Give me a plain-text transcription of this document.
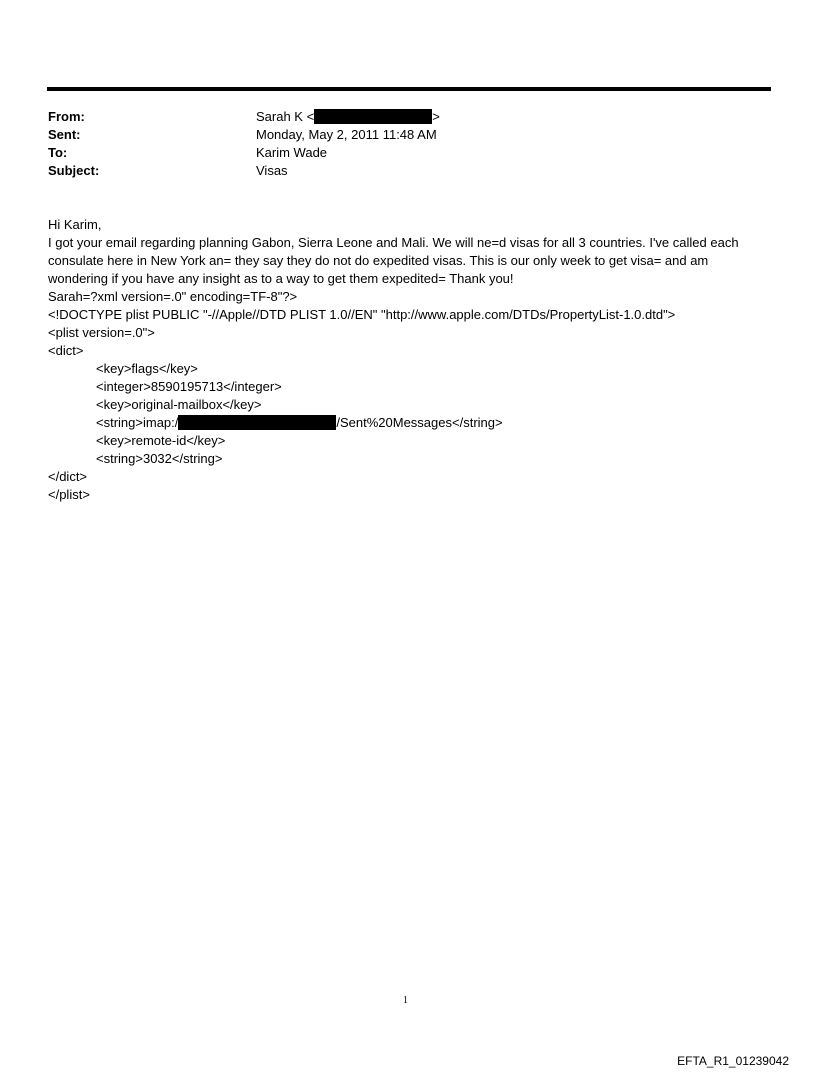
From:	Sarah K <	>
Sent:	Monday, May 2, 2011 11:48 AM
To:	Karim Wade
Subject:	Visas
Hi Karim,
I got your email regarding planning Gabon, Sierra Leone and Mali. We will ne=d visas for all 3 countries. I've called each
consulate here in New York an= they say they do not do expedited visas. This is our only week to get visa= and am
wondering if you have any insight as to a way to get them expedited= Thank you!
Sarah=?xml version=.0" encoding=TF-8"?>
<!DOCTYPE plist PUBLIC "-//Apple//DTD PLIST 1.0//EN" "http://www.apple.com/DTDs/PropertyList-1.0.dtd">
<plist version=.0">
<dict>
<key>flags</key>
<integer>8590195713</integer>
<key>original-mailbox</key>
<string>imap:/	/Sent%20Messages</string>
<key>remote-id</key>
<string>3032</string>
</dict>
</plist>
1
EFTA_R1_01239042
